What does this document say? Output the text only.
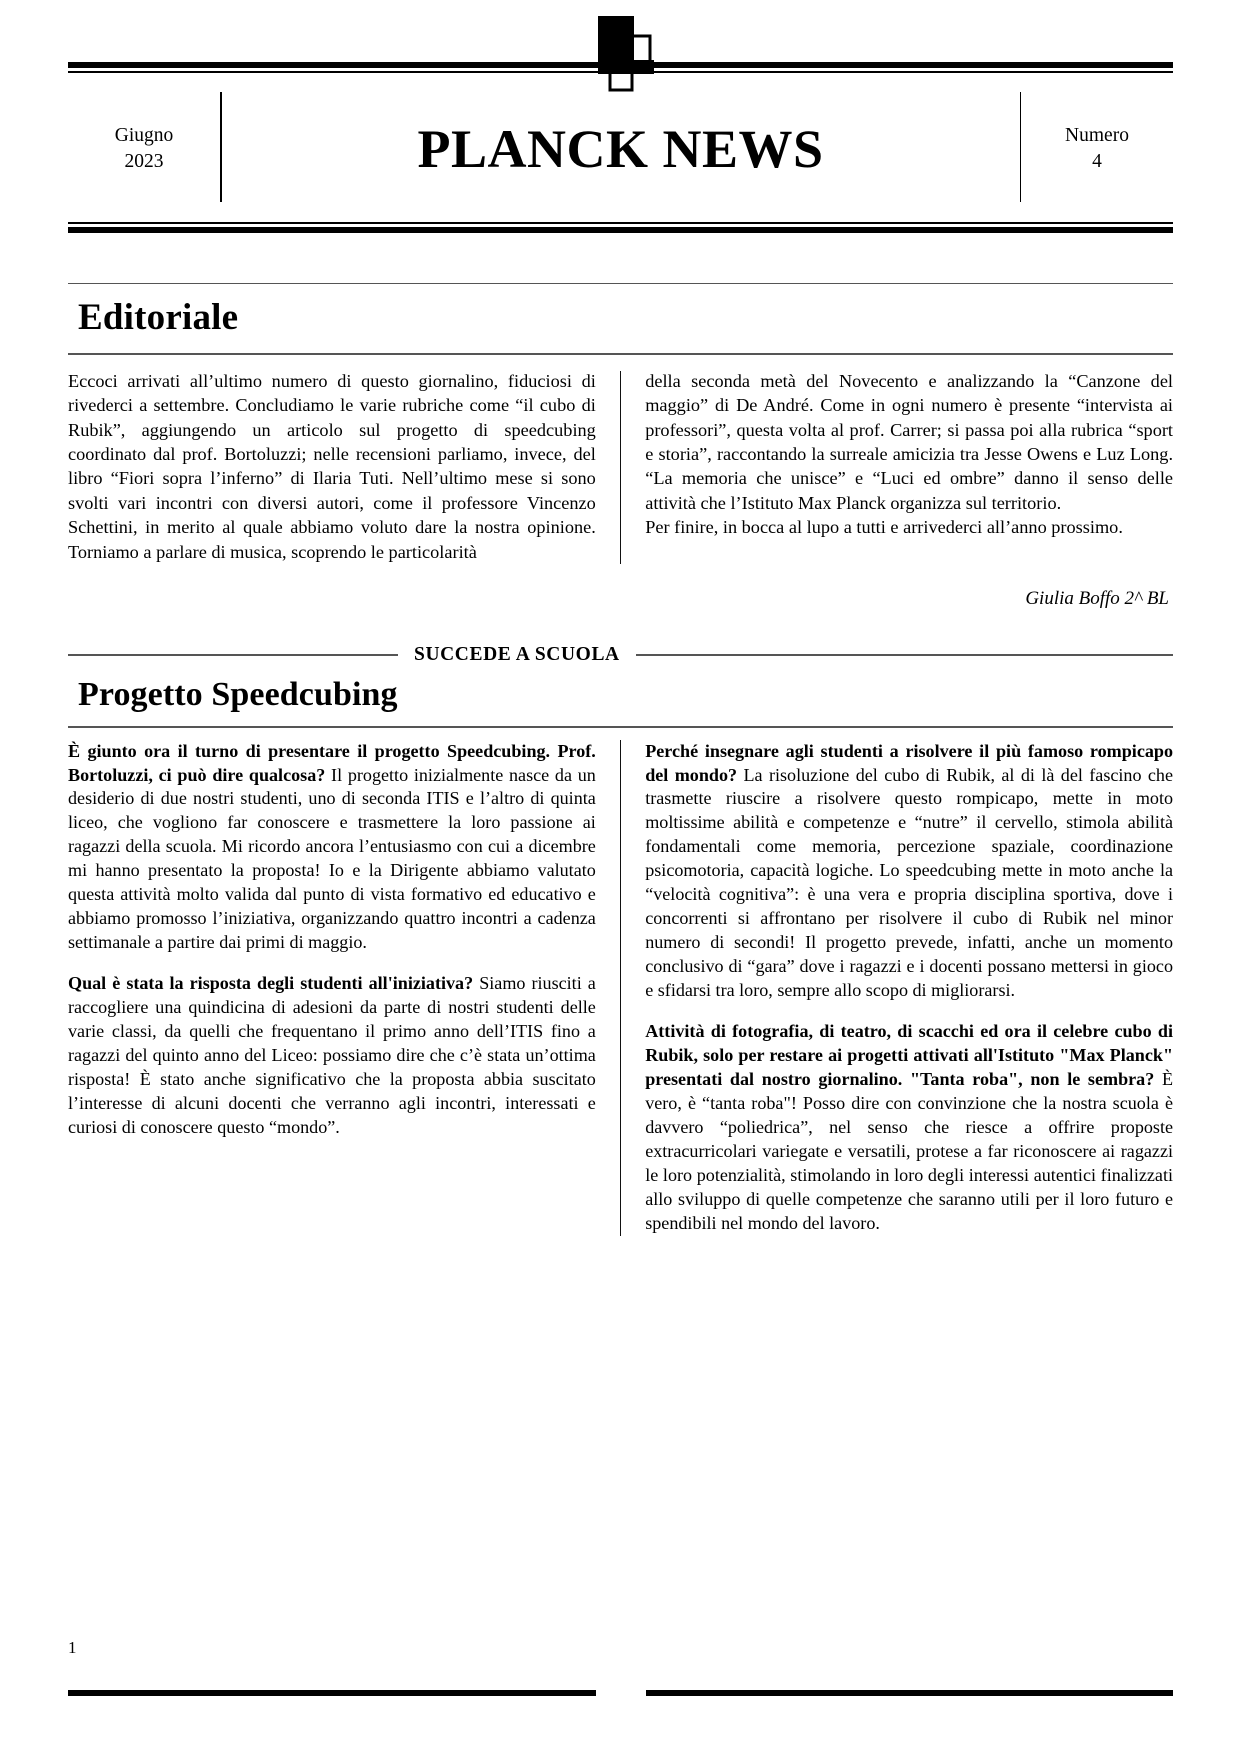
Giugno
2023	PLANCK NEWS	Numero
4
Editoriale

Eccoci arrivati all’ultimo numero di questo giornalino, fiduciosi di rivederci a settembre. Concludiamo le varie rubriche come “il cubo di Rubik”, aggiungendo un articolo sul progetto di speedcubing coordinato dal prof. Bortoluzzi; nelle recensioni parliamo, invece, del libro “Fiori sopra l’inferno” di Ilaria Tuti. Nell’ultimo mese si sono svolti vari incontri con diversi autori, come il professore Vincenzo Schettini, in merito al quale abbiamo voluto dare la nostra opinione. Torniamo a parlare di musica, scoprendo le particolarità

della seconda metà del Novecento e analizzando la “Canzone del maggio” di De André. Come in ogni numero è presente “intervista ai professori”, questa volta al prof. Carrer; si passa poi alla rubrica “sport e storia”, raccontando la surreale amicizia tra Jesse Owens e Luz Long. “La memoria che unisce” e “Luci ed ombre” danno il senso delle attività che l’Istituto Max Planck organizza sul territorio.

Per finire, in bocca al lupo a tutti e arrivederci all’anno prossimo.

Giulia Boffo 2^ BL
SUCCEDE A SCUOLA
Progetto Speedcubing
È giunto ora il turno di presentare il progetto Speedcubing. Prof. Bortoluzzi, ci può dire qualcosa? Il progetto inizialmente nasce da un desiderio di due nostri studenti, uno di seconda ITIS e l’altro di quinta liceo, che vogliono far conoscere e trasmettere la loro passione ai ragazzi della scuola. Mi ricordo ancora l’entusiasmo con cui a dicembre mi hanno presentato la proposta! Io e la Dirigente abbiamo valutato questa attività molto valida dal punto di vista formativo ed educativo e abbiamo promosso l’iniziativa, organizzando quattro incontri a cadenza settimanale a partire dai primi di maggio.
Qual è stata la risposta degli studenti all'iniziativa? Siamo riusciti a raccogliere una quindicina di adesioni da parte di nostri studenti delle varie classi, da quelli che frequentano il primo anno dell’ITIS fino a ragazzi del quinto anno del Liceo: possiamo dire che c’è stata un’ottima risposta! È stato anche significativo che la proposta abbia suscitato l’interesse di alcuni docenti che verranno agli incontri, interessati e curiosi di conoscere questo “mondo”.
Perché insegnare agli studenti a risolvere il più famoso rompicapo del mondo? La risoluzione del cubo di Rubik, al di là del fascino che trasmette riuscire a risolvere questo rompicapo, mette in moto moltissime abilità e competenze e “nutre” il cervello, stimola abilità fondamentali come memoria, percezione spaziale, coordinazione psicomotoria, capacità logiche. Lo speedcubing mette in moto anche la “velocità cognitiva”: è una vera e propria disciplina sportiva, dove i concorrenti si affrontano per risolvere il cubo di Rubik nel minor numero di secondi! Il progetto prevede, infatti, anche un momento conclusivo di “gara” dove i ragazzi e i docenti possano mettersi in gioco e sfidarsi tra loro, sempre allo scopo di migliorarsi.
Attività di fotografia, di teatro, di scacchi ed ora il celebre cubo di Rubik, solo per restare ai progetti attivati all'Istituto "Max Planck" presentati dal nostro giornalino. "Tanta roba", non le sembra? È vero, è “tanta roba"! Posso dire con convinzione che la nostra scuola è davvero “poliedrica”, nel senso che riesce a offrire proposte extracurricolari variegate e versatili, protese a far riconoscere ai ragazzi le loro potenzialità, stimolando in loro degli interessi autentici finalizzati allo sviluppo di quelle competenze che saranno utili per il loro futuro e spendibili nel mondo del lavoro.
1
